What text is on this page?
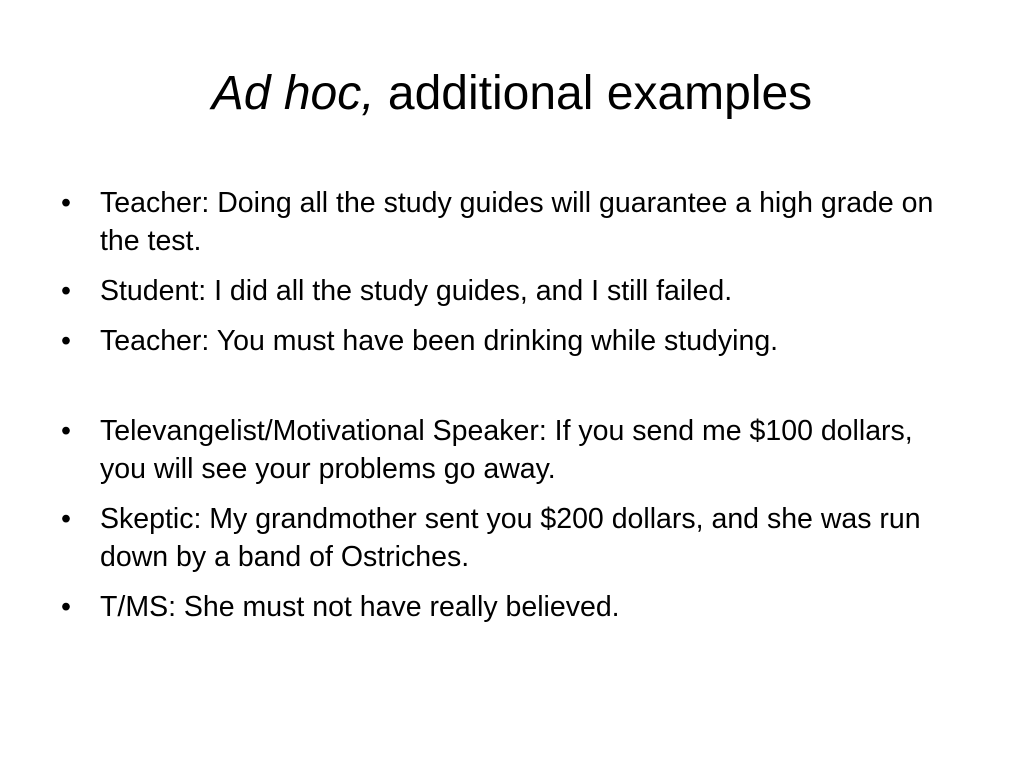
Ad hoc, additional examples
•	Teacher: Doing all the study guides will guarantee a high grade on the test.
•	Student: I did all the study guides, and I still failed.
•	Teacher: You must have been drinking while studying.
•	Televangelist/Motivational Speaker: If you send me $100 dollars, you will see your problems go away.
•	Skeptic: My grandmother sent you $200 dollars, and she was run down by a band of Ostriches.
•	T/MS: She must not have really believed.
